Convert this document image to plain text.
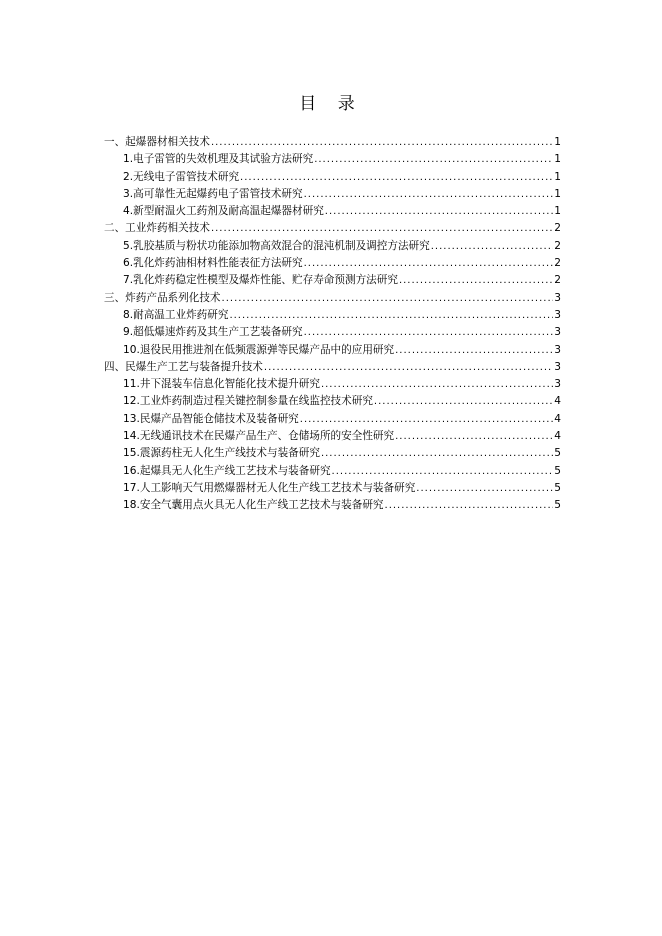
目 录
一、起爆器材相关技术 .....	1
1.电子雷管的失效机理及其试验方法研究 .....	1
2.无线电子雷管技术研究 .....	1
3.高可靠性无起爆药电子雷管技术研究 .....	1
4.新型耐温火工药剂及耐高温起爆器材研究 .....	1
二、工业炸药相关技术 .....	2
5.乳胶基质与粉状功能添加物高效混合的混沌机制及调控方法研究 .....	2
6.乳化炸药油相材料性能表征方法研究 .....	2
7.乳化炸药稳定性模型及爆炸性能、贮存寿命预测方法研究 .....	2
三、炸药产品系列化技术 .....	3
8.耐高温工业炸药研究 .....	3
9.超低爆速炸药及其生产工艺装备研究 .....	3
10.退役民用推进剂在低频震源弹等民爆产品中的应用研究 .....	3
四、民爆生产工艺与装备提升技术 .....	3
11.井下混装车信息化智能化技术提升研究 .....	3
12.工业炸药制造过程关键控制参量在线监控技术研究 .....	4
13.民爆产品智能仓储技术及装备研究 .....	4
14.无线通讯技术在民爆产品生产、仓储场所的安全性研究 .....	4
15.震源药柱无人化生产线技术与装备研究 .....	5
16.起爆具无人化生产线工艺技术与装备研究 .....	5
17.人工影响天气用燃爆器材无人化生产线工艺技术与装备研究 .....	5
18.安全气囊用点火具无人化生产线工艺技术与装备研究 .....	5
